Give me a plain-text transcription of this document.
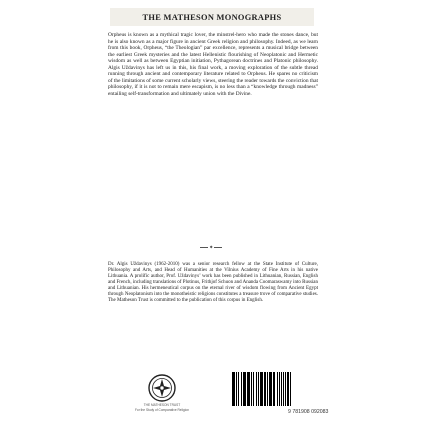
THE MATHESON MONOGRAPHS

Orpheus is known as a mythical tragic lover, the minstrel-hero who made the stones dance, but he is also known as a major figure in ancient Greek religion and philosophy. Indeed, as we learn from this book, Orpheus, “the Theologian” par excellence, represents a musical bridge between the earliest Greek mysteries and the latest Hellenistic flourishing of Neoplatonic and Hermetic wisdom as well as between Egyptian initiation, Pythagorean doctrines and Platonic philosophy. Algis Uždavinys has left us in this, his final work, a moving exploration of the subtle thread running through ancient and contemporary literature related to Orpheus. He spares no criticism of the limitations of some current scholarly views, steering the reader towards the conviction that philosophy, if it is not to remain mere escapism, is no less than a “knowledge through madness” entailing self-transformation and ultimately union with the Divine.

Dr. Algis Uždavinys (1962-2010) was a senior research fellow at the State Institute of Culture, Philosophy and Arts, and Head of Humanities at the Vilnius Academy of Fine Arts in his native Lithuania. A prolific author, Prof. Uždavinys’ work has been published in Lithuanian, Russian, English and French, including translations of Plotinus, Frithjof Schuon and Ananda Coomaraswamy into Russian and Lithuanian. His hermeneutical corpus on the eternal river of wisdom flowing from Ancient Egypt through Neoplatonism into the monotheistic religions constitutes a treasure trove of comparative studies. The Matheson Trust is committed to the publication of this corpus in English.

THE MATHESON TRUST
For the Study of Comparative Religion	9 781908 092083
